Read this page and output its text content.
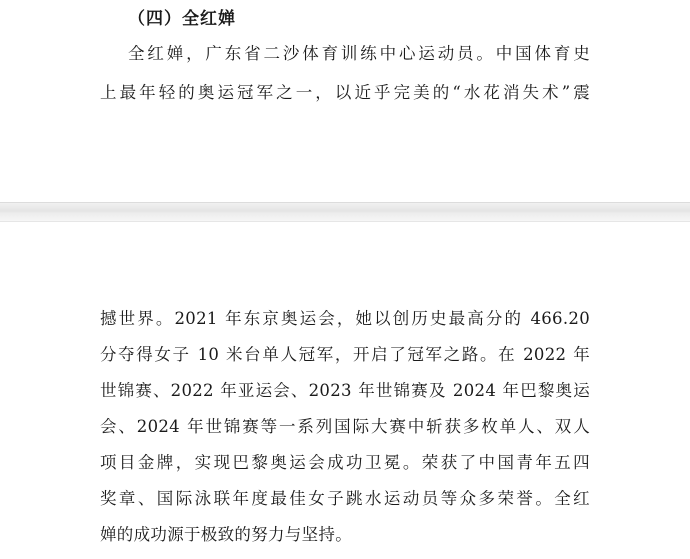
（四）全红婵
全红婵，广东省二沙体育训练中心运动员。中国体育史
上最年轻的奥运冠军之一，以近乎完美的“水花消失术”震
撼世界。2021 年东京奥运会，她以创历史最高分的 466.20
分夺得女子 10 米台单人冠军，开启了冠军之路。在 2022 年
世锦赛、2022 年亚运会、2023 年世锦赛及 2024 年巴黎奥运
会、2024 年世锦赛等一系列国际大赛中斩获多枚单人、双人
项目金牌，实现巴黎奥运会成功卫冕。荣获了中国青年五四
奖章、国际泳联年度最佳女子跳水运动员等众多荣誉。全红
婵的成功源于极致的努力与坚持。
